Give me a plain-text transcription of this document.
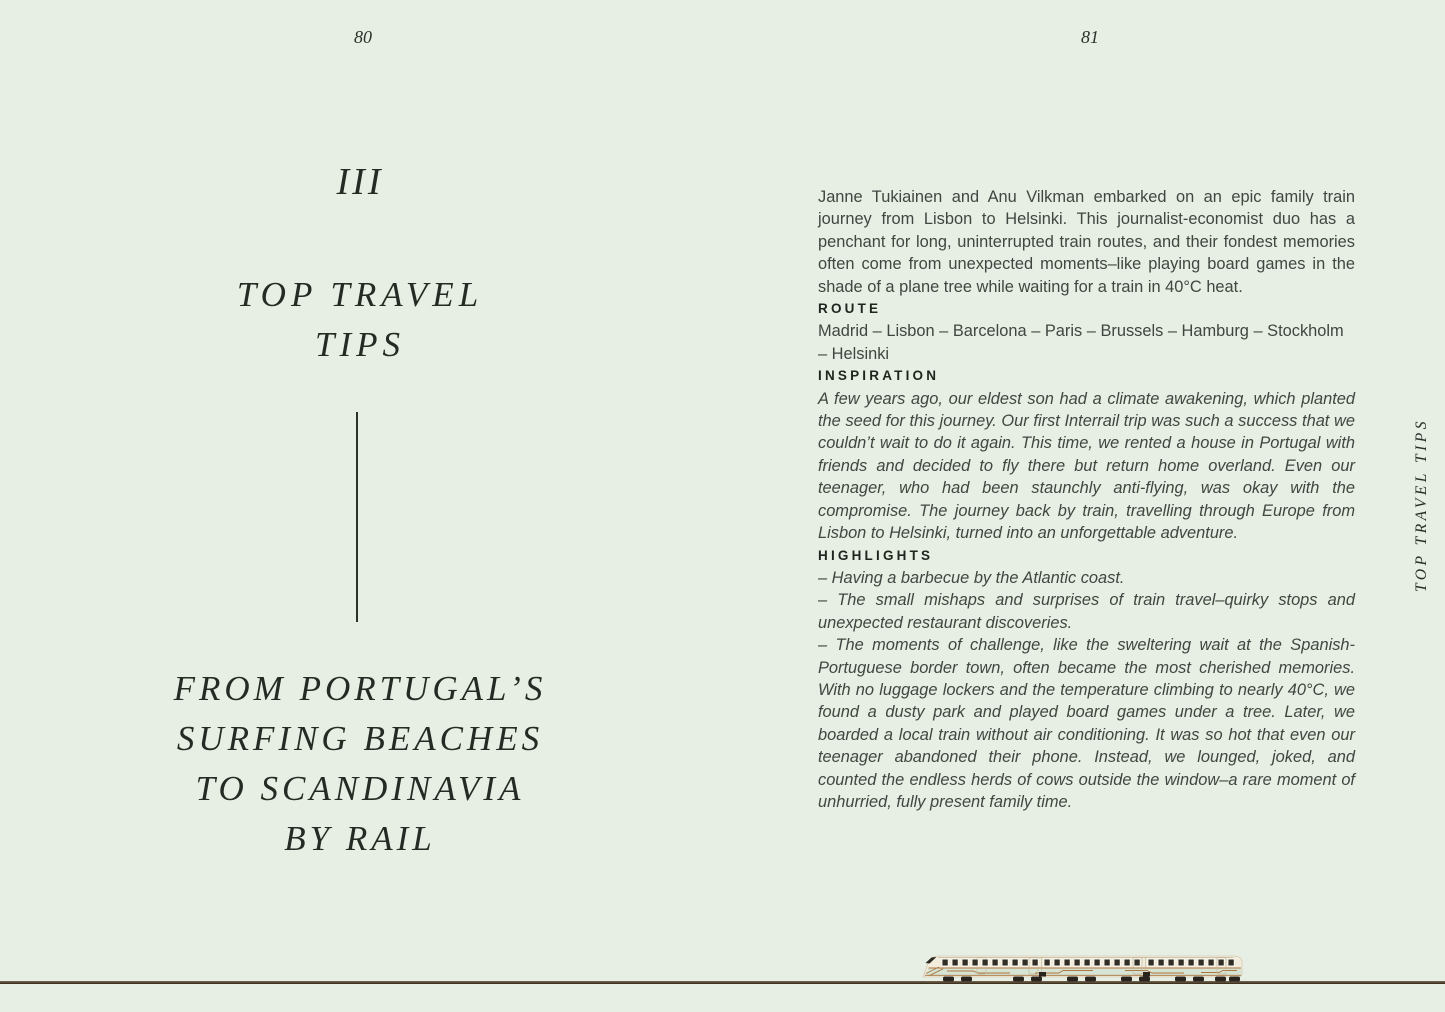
80	81
III
TOP TRAVEL
TIPS
FROM PORTUGAL’S
SURFING BEACHES
TO SCANDINAVIA
BY RAIL

Janne Tukiainen and Anu Vilkman embarked on an epic family train journey from Lisbon to Helsinki. This journalist-economist duo has a penchant for long, uninterrupted train routes, and their fondest memories often come from unexpected moments–like playing board games in the shade of a plane tree while waiting for a train in 40°C heat.

ROUTE

Madrid – Lisbon – Barcelona – Paris – Brussels – Hamburg – Stockholm – Helsinki

INSPIRATION

A few years ago, our eldest son had a climate awakening, which planted the seed for this journey. Our first Interrail trip was such a success that we couldn’t wait to do it again. This time, we rented a house in Portugal with friends and decided to fly there but return home overland. Even our teenager, who had been staunchly anti-flying, was okay with the compromise. The journey back by train, travelling through Europe from Lisbon to Helsinki, turned into an unforgettable adventure.

HIGHLIGHTS

– Having a barbecue by the Atlantic coast.

– The small mishaps and surprises of train travel–quirky stops and unexpected restaurant discoveries.

– The moments of challenge, like the sweltering wait at the Spanish-Portuguese border town, often became the most cherished memories. With no luggage lockers and the temperature climbing to nearly 40°C, we found a dusty park and played board games under a tree. Later, we boarded a local train without air conditioning. It was so hot that even our teenager abandoned their phone. Instead, we lounged, joked, and counted the endless herds of cows outside the window–a rare moment of unhurried, fully present family time.

TOP TRAVEL TIPS
